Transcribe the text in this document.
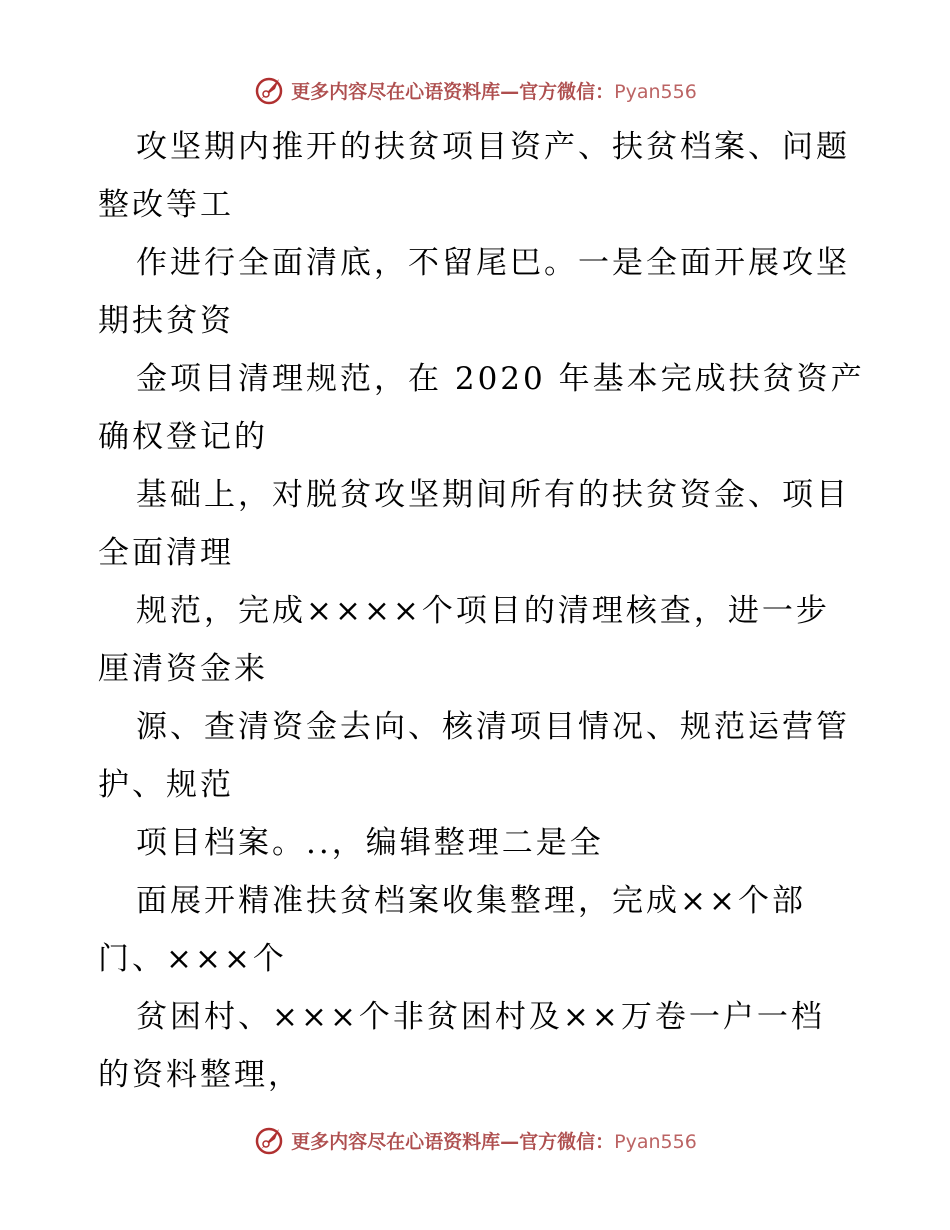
更多内容尽在心语资料库—官方微信：Pyan556
攻坚期内推开的扶贫项目资产、扶贫档案、问题
整改等工
作进行全面清底，不留尾巴。一是全面开展攻坚
期扶贫资
金项目清理规范，在 2020 年基本完成扶贫资产
确权登记的
基础上，对脱贫攻坚期间所有的扶贫资金、项目
全面清理
规范，完成××××个项目的清理核查，进一步
厘清资金来
源、查清资金去向、核清项目情况、规范运营管
护、规范
项目档案。..，编辑整理二是全
面展开精准扶贫档案收集整理，完成××个部
门、×××个
贫困村、×××个非贫困村及××万卷一户一档
的资料整理，
更多内容尽在心语资料库—官方微信：Pyan556
